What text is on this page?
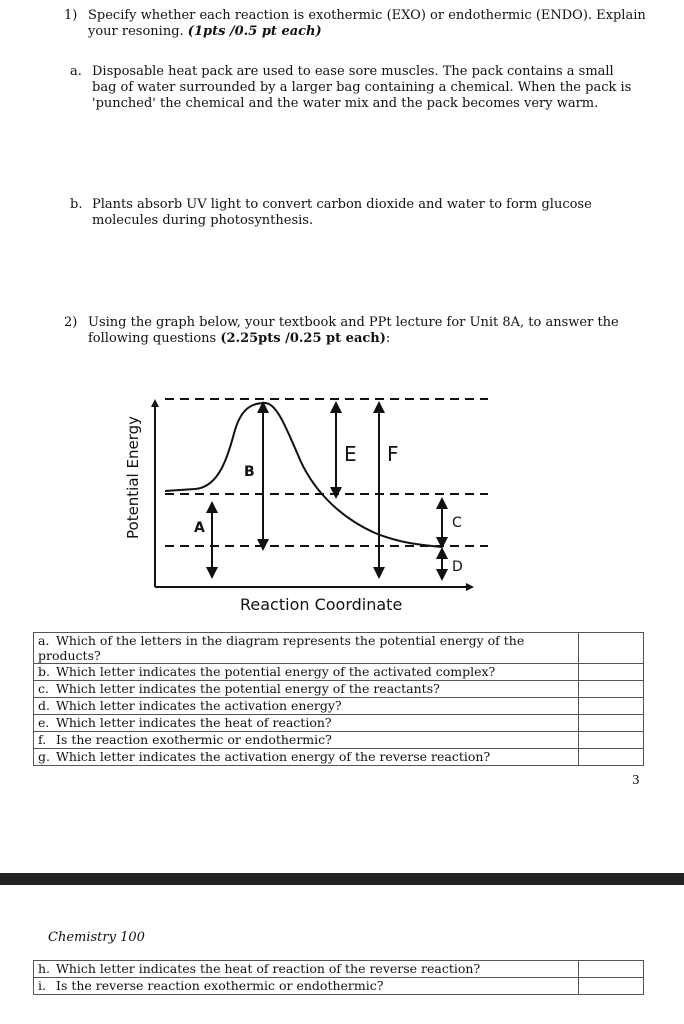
1) Specify whether each reaction is exothermic (EXO) or endothermic (ENDO). Explain your resoning. (1pts /0.5 pt each)
a. Disposable heat pack are used to ease sore muscles. The pack contains a small bag of water surrounded by a larger bag containing a chemical. When the pack is 'punched' the chemical and the water mix and the pack becomes very warm.
b. Plants absorb UV light to convert carbon dioxide and water to form glucose molecules during photosynthesis.
2) Using the graph below, your textbook and PPt lecture for Unit 8A, to answer the following questions (2.25pts /0.25 pt each):
A
B
C
D
E F
Reaction Coordinate
Potential Energy
a. Which of the letters in the diagram represents the potential energy of the products?	
b. Which letter indicates the potential energy of the activated complex?	
c. Which letter indicates the potential energy of the reactants?	
d. Which letter indicates the activation energy?	
e. Which letter indicates the heat of reaction?	
f. Is the reaction exothermic or endothermic?	
g. Which letter indicates the activation energy of the reverse reaction?	
3
Chemistry 100
h. Which letter indicates the heat of reaction of the reverse reaction?	
i. Is the reverse reaction exothermic or endothermic?	
